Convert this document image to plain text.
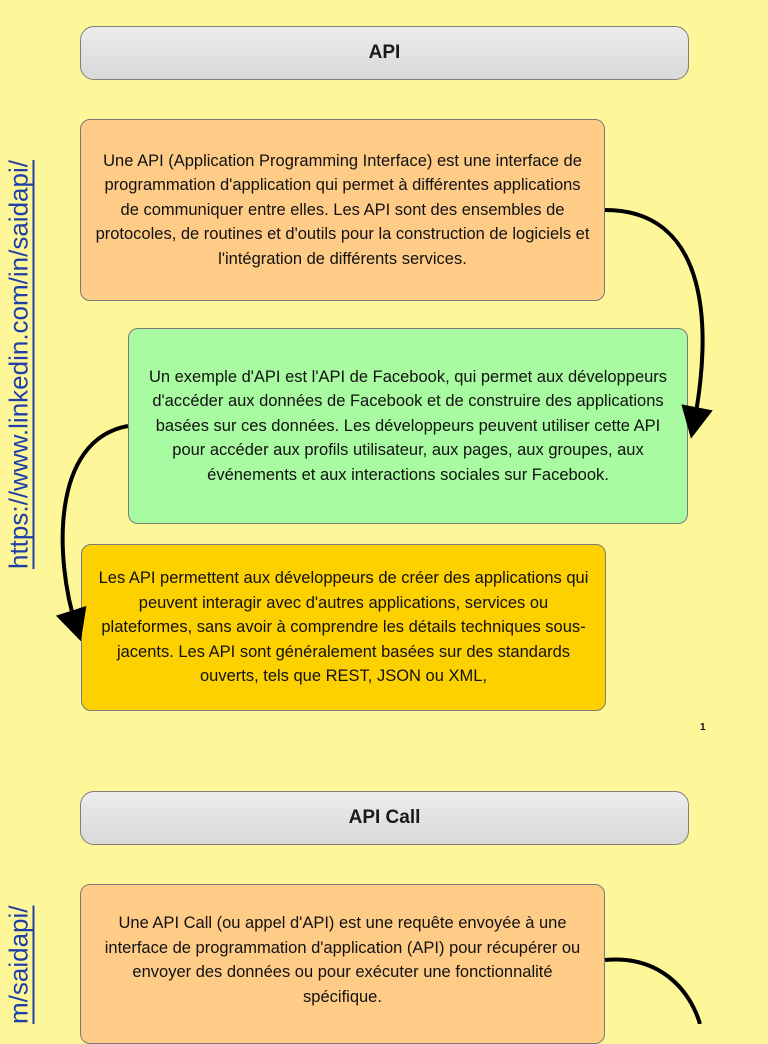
https://www.linkedin.com/in/saidapi/
m/saidapi/
API
Une API (Application Programming Interface) est une interface de programmation d'application qui permet à différentes applications de communiquer entre elles. Les API sont des ensembles de protocoles, de routines et d'outils pour la construction de logiciels et l'intégration de différents services.
Un exemple d'API est l'API de Facebook, qui permet aux développeurs d'accéder aux données de Facebook et de construire des applications basées sur ces données. Les développeurs peuvent utiliser cette API pour accéder aux profils utilisateur, aux pages, aux groupes, aux événements et aux interactions sociales sur Facebook.
Les API permettent aux développeurs de créer des applications qui peuvent interagir avec d'autres applications, services ou plateformes, sans avoir à comprendre les détails techniques sous-jacents. Les API sont généralement basées sur des standards ouverts, tels que REST, JSON ou XML,
1
API Call
Une API Call (ou appel d'API) est une requête envoyée à une interface de programmation d'application (API) pour récupérer ou envoyer des données ou pour exécuter une fonctionnalité spécifique.
